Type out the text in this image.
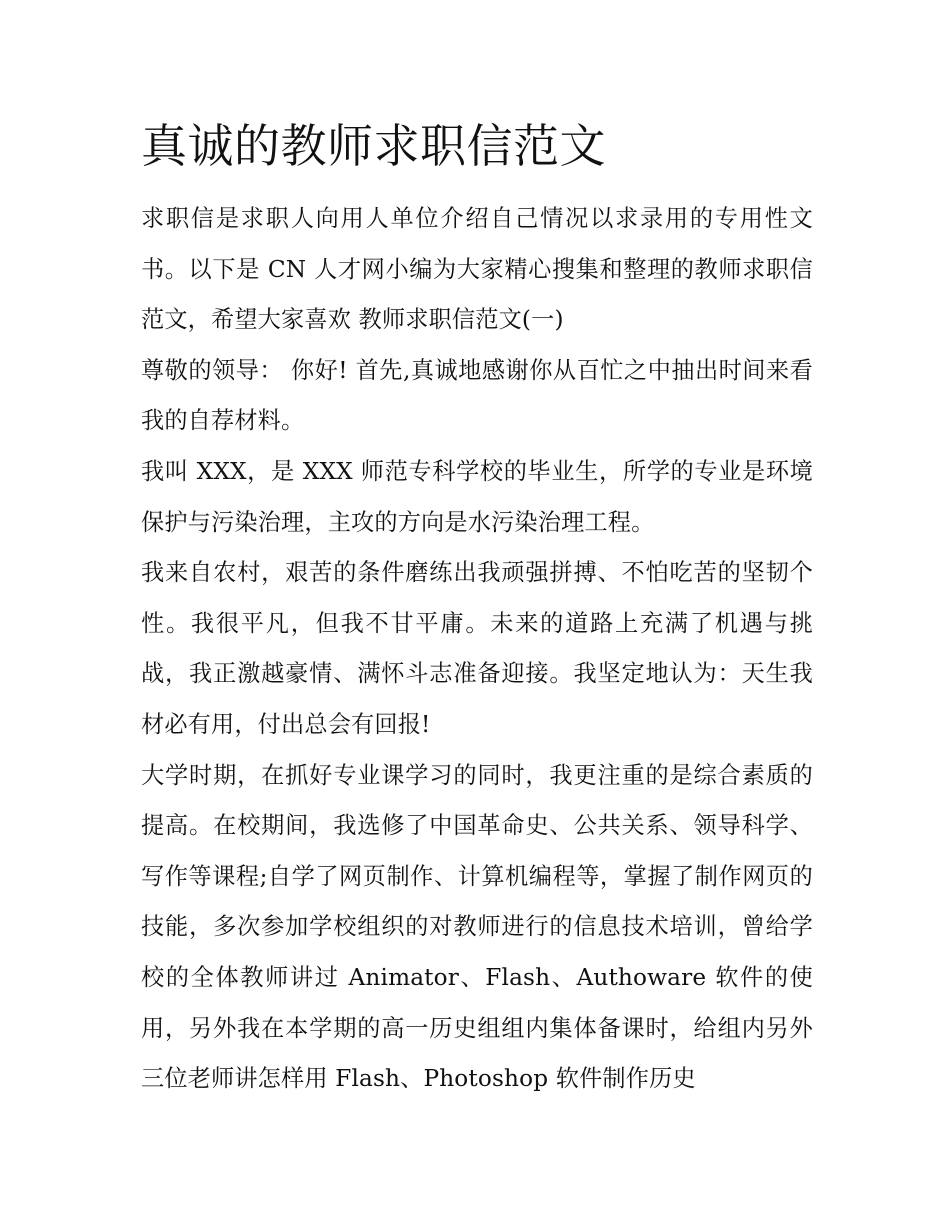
真诚的教师求职信范文

求职信是求职人向用人单位介绍自己情况以求录用的专用性文书。以下是 CN 人才网小编为大家精心搜集和整理的教师求职信范文，希望大家喜欢 教师求职信范文(一)

尊敬的领导： 你好! 首先,真诚地感谢你从百忙之中抽出时间来看我的自荐材料。

我叫 XXX，是 XXX 师范专科学校的毕业生，所学的专业是环境保护与污染治理，主攻的方向是水污染治理工程。

我来自农村，艰苦的条件磨练出我顽强拼搏、不怕吃苦的坚韧个性。我很平凡，但我不甘平庸。未来的道路上充满了机遇与挑战，我正激越豪情、满怀斗志准备迎接。我坚定地认为：天生我材必有用，付出总会有回报!

大学时期，在抓好专业课学习的同时，我更注重的是综合素质的提高。在校期间，我选修了中国革命史、公共关系、领导科学、写作等课程;自学了网页制作、计算机编程等，掌握了制作网页的技能，多次参加学校组织的对教师进行的信息技术培训，曾给学校的全体教师讲过 Animator、Flash、Authoware 软件的使用，另外我在本学期的高一历史组组内集体备课时，给组内另外三位老师讲怎样用 Flash、Photoshop 软件制作历史
